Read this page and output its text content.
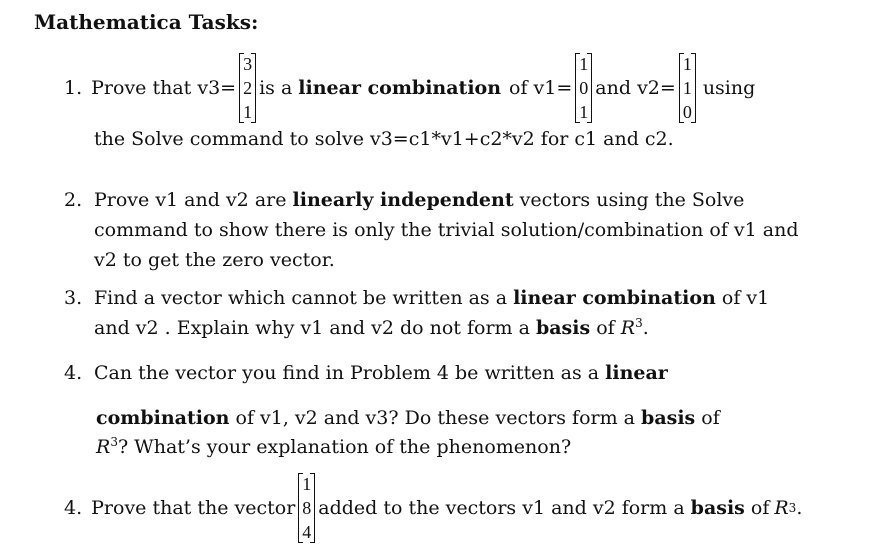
Mathematica Tasks:
1. Prove that v3=
3
2
1
is a linear combination of v1=
1
0
1
and v2=
1
1
0
using
the Solve command to solve v3=c1*v1+c2*v2 for c1 and c2.
2. Prove v1 and v2 are linearly independent vectors using the Solve
command to show there is only the trivial solution/combination of v1 and
v2 to get the zero vector.
3. Find a vector which cannot be written as a linear combination of v1
and v2 . Explain why v1 and v2 do not form a basis of $R^3$.
4. Can the vector you find in Problem 4 be written as a linear
combination of v1, v2 and v3? Do these vectors form a basis of
$R^3$? What’s your explanation of the phenomenon?
4. Prove that the vector
1
8
4
added to the vectors v1 and v2 form a basis of R 3 .
